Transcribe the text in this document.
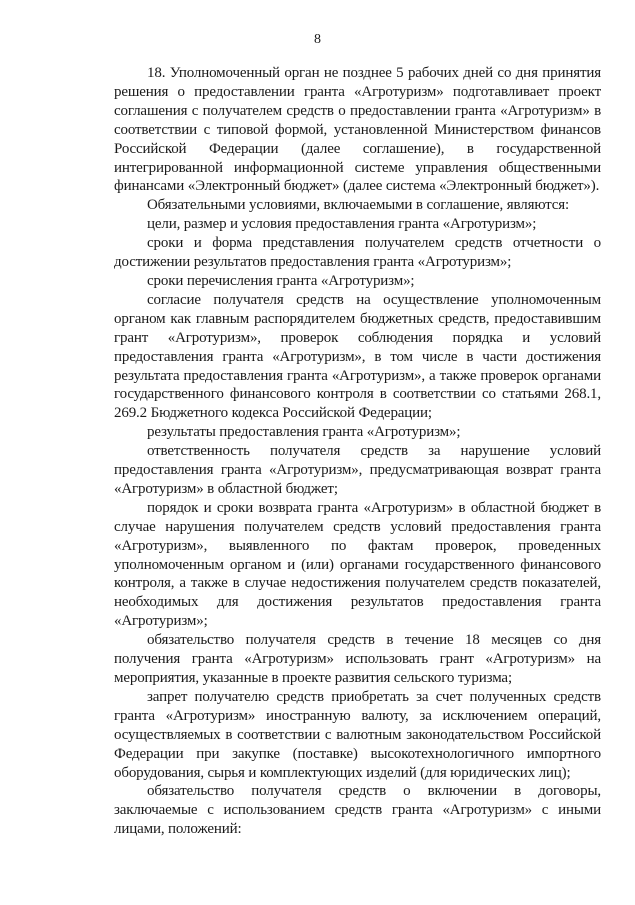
8

18. Уполномоченный орган не позднее 5 рабочих дней со дня принятия решения о предоставлении гранта «Агротуризм» подготавливает проект соглашения с получателем средств о предоставлении гранта «Агротуризм» в соответствии с типовой формой, установленной Министерством финансов Российской Федерации (далее соглашение), в государственной интегрированной информационной системе управления общественными финансами «Электронный бюджет» (далее система «Электронный бюджет»).

Обязательными условиями, включаемыми в соглашение, являются:

цели, размер и условия предоставления гранта «Агротуризм»;

сроки и форма представления получателем средств отчетности о достижении результатов предоставления гранта «Агротуризм»;

сроки перечисления гранта «Агротуризм»;

согласие получателя средств на осуществление уполномоченным органом как главным распорядителем бюджетных средств, предоставившим грант «Агротуризм», проверок соблюдения порядка и условий предоставления гранта «Агротуризм», в том числе в части достижения результата предоставления гранта «Агротуризм», а также проверок органами государственного финансового контроля в соответствии со статьями 268.1, 269.2 Бюджетного кодекса Российской Федерации;

результаты предоставления гранта «Агротуризм»;

ответственность получателя средств за нарушение условий предоставления гранта «Агротуризм», предусматривающая возврат гранта «Агротуризм» в областной бюджет;

порядок и сроки возврата гранта «Агротуризм» в областной бюджет в случае нарушения получателем средств условий предоставления гранта «Агротуризм», выявленного по фактам проверок, проведенных уполномоченным органом и (или) органами государственного финансового контроля, а также в случае недостижения получателем средств показателей, необходимых для достижения результатов предоставления гранта «Агротуризм»;

обязательство получателя средств в течение 18 месяцев со дня получения гранта «Агротуризм» использовать грант «Агротуризм» на мероприятия, указанные в проекте развития сельского туризма;

запрет получателю средств приобретать за счет полученных средств гранта «Агротуризм» иностранную валюту, за исключением операций, осуществляемых в соответствии с валютным законодательством Российской Федерации при закупке (поставке) высокотехнологичного импортного оборудования, сырья и комплектующих изделий (для юридических лиц);

обязательство получателя средств о включении в договоры, заключаемые с использованием средств гранта «Агротуризм» с иными лицами, положений:
